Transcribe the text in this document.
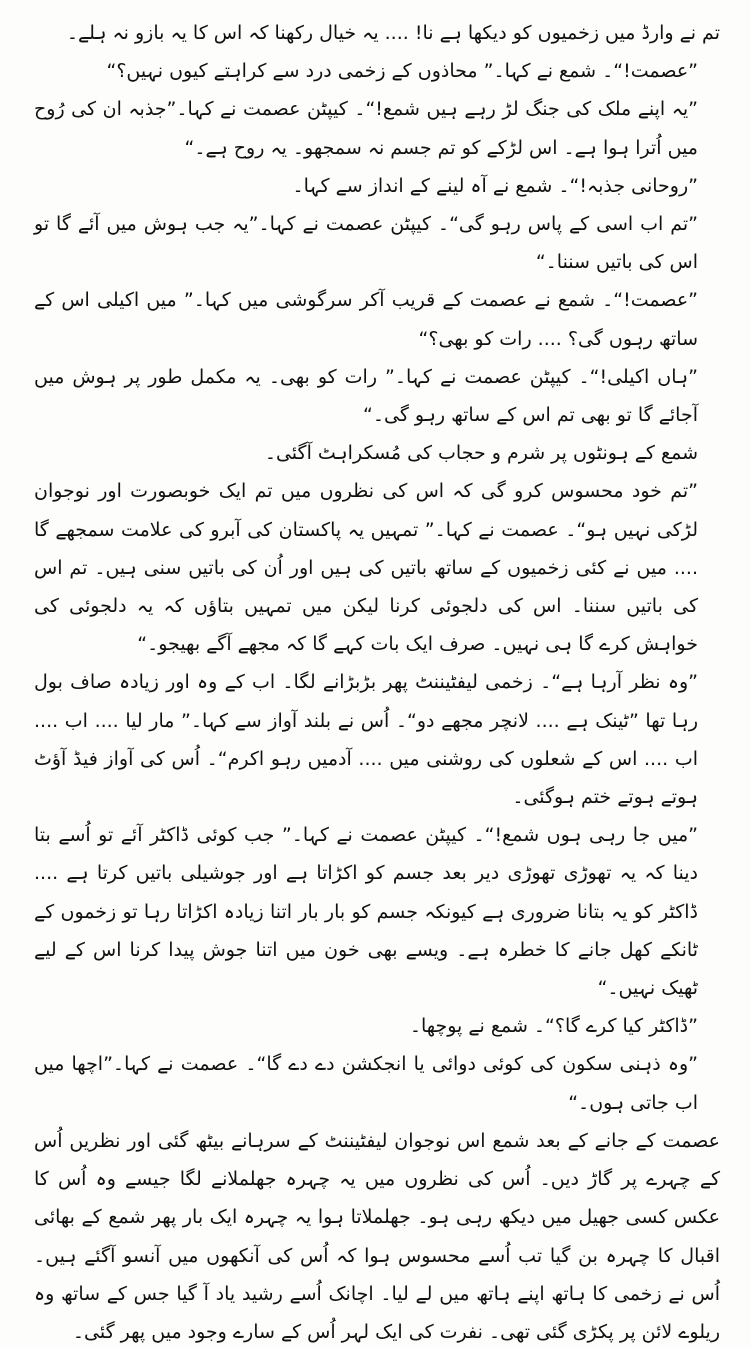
تم نے وارڈ میں زخمیوں کو دیکھا ہے نا! .... یہ خیال رکھنا کہ اس کا یہ بازو نہ ہلے۔

”عصمت!“۔ شمع نے کہا۔” محاذوں کے زخمی درد سے کراہتے کیوں نہیں؟“

”یہ اپنے ملک کی جنگ لڑ رہے ہیں شمع!“۔ کیپٹن عصمت نے کہا۔”جذبہ ان کی رُوح میں اُترا ہوا ہے۔ اس لڑکے کو تم جسم نہ سمجھو۔ یہ روح ہے۔“

”روحانی جذبہ!“۔ شمع نے آہ لینے کے انداز سے کہا۔

”تم اب اسی کے پاس رہو گی“۔ کیپٹن عصمت نے کہا۔”یہ جب ہوش میں آئے گا تو اس کی باتیں سننا۔“

”عصمت!“۔ شمع نے عصمت کے قریب آکر سرگوشی میں کہا۔” میں اکیلی اس کے ساتھ رہوں گی؟ .... رات کو بھی؟“

”ہاں اکیلی!“۔ کیپٹن عصمت نے کہا۔” رات کو بھی۔ یہ مکمل طور پر ہوش میں آجائے گا تو بھی تم اس کے ساتھ رہو گی۔“

شمع کے ہونٹوں پر شرم و حجاب کی مُسکراہٹ آگئی۔

”تم خود محسوس کرو گی کہ اس کی نظروں میں تم ایک خوبصورت اور نوجوان لڑکی نہیں ہو“۔ عصمت نے کہا۔” تمہیں یہ پاکستان کی آبرو کی علامت سمجھے گا .... میں نے کئی زخمیوں کے ساتھ باتیں کی ہیں اور اُن کی باتیں سنی ہیں۔ تم اس کی باتیں سننا۔ اس کی دلجوئی کرنا لیکن میں تمہیں بتاؤں کہ یہ دلجوئی کی خواہش کرے گا ہی نہیں۔ صرف ایک بات کہے گا کہ مجھے آگے بھیجو۔“

”وہ نظر آرہا ہے“۔ زخمی لیفٹیننٹ پھر بڑبڑانے لگا۔ اب کے وہ اور زیادہ صاف بول رہا تھا ”ٹینک ہے .... لانچر مجھے دو“۔ اُس نے بلند آواز سے کہا۔” مار لیا .... اب .... اب .... اس کے شعلوں کی روشنی میں .... آدمیں رہو اکرم“۔ اُس کی آواز فیڈ آؤٹ ہوتے ہوتے ختم ہوگئی۔

”میں جا رہی ہوں شمع!“۔ کیپٹن عصمت نے کہا۔” جب کوئی ڈاکٹر آئے تو اُسے بتا دینا کہ یہ تھوڑی تھوڑی دیر بعد جسم کو اکڑاتا ہے اور جوشیلی باتیں کرتا ہے .... ڈاکٹر کو یہ بتانا ضروری ہے کیونکہ جسم کو بار بار اتنا زیادہ اکڑاتا رہا تو زخموں کے ٹانکے کھل جانے کا خطرہ ہے۔ ویسے بھی خون میں اتنا جوش پیدا کرنا اس کے لیے ٹھیک نہیں۔“

”ڈاکٹر کیا کرے گا؟“۔ شمع نے پوچھا۔

”وہ ذہنی سکون کی کوئی دوائی یا انجکشن دے دے گا“۔ عصمت نے کہا۔”اچھا میں اب جاتی ہوں۔“

عصمت کے جانے کے بعد شمع اس نوجوان لیفٹیننٹ کے سرہانے بیٹھ گئی اور نظریں اُس کے چہرے پر گاڑ دیں۔ اُس کی نظروں میں یہ چہرہ جھلملانے لگا جیسے وہ اُس کا عکس کسی جھیل میں دیکھ رہی ہو۔ جھلملاتا ہوا یہ چہرہ ایک بار پھر شمع کے بھائی اقبال کا چہرہ بن گیا تب اُسے محسوس ہوا کہ اُس کی آنکھوں میں آنسو آگئے ہیں۔ اُس نے زخمی کا ہاتھ اپنے ہاتھ میں لے لیا۔ اچانک اُسے رشید یاد آ گیا جس کے ساتھ وہ ریلوے لائن پر پکڑی گئی تھی۔ نفرت کی ایک لہر اُس کے سارے وجود میں پھر گئی۔
